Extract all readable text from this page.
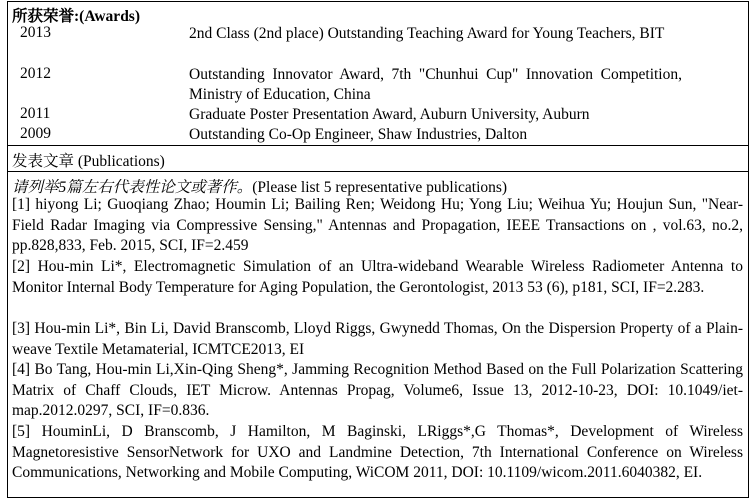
所获荣誉:(Awards)
2013	2nd Class (2nd place) Outstanding Teaching Award for Young Teachers, BIT
2012	Outstanding Innovator Award, 7th "Chunhui Cup" Innovation Competition, Ministry of Education, China
2011	Graduate Poster Presentation Award, Auburn University, Auburn
2009	Outstanding Co-Op Engineer, Shaw Industries, Dalton
发表文章 (Publications)
请列举5篇左右代表性论文或著作。(Please list 5 representative publications)
[1] hiyong Li; Guoqiang Zhao; Houmin Li; Bailing Ren; Weidong Hu; Yong Liu; Weihua Yu; Houjun Sun, "Near-Field Radar Imaging via Compressive Sensing," Antennas and Propagation, IEEE Transactions on , vol.63, no.2, pp.828,833, Feb. 2015, SCI, IF=2.459
[2] Hou-min Li*, Electromagnetic Simulation of an Ultra-wideband Wearable Wireless Radiometer Antenna to Monitor Internal Body Temperature for Aging Population, the Gerontologist, 2013 53 (6), p181, SCI, IF=2.283.
[3] Hou-min Li*, Bin Li, David Branscomb, Lloyd Riggs, Gwynedd Thomas, On the Dispersion Property of a Plain-weave Textile Metamaterial, ICMTCE2013, EI
[4] Bo Tang, Hou-min Li,Xin-Qing Sheng*, Jamming Recognition Method Based on the Full Polarization Scattering Matrix of Chaff Clouds, IET Microw. Antennas Propag, Volume6, Issue 13, 2012-10-23, DOI: 10.1049/iet-map.2012.0297, SCI, IF=0.836.
[5] HouminLi, D Branscomb, J Hamilton, M Baginski, LRiggs*,G Thomas*, Development of Wireless Magnetoresistive SensorNetwork for UXO and Landmine Detection, 7th International Conference on Wireless Communications, Networking and Mobile Computing, WiCOM 2011, DOI: 10.1109/wicom.2011.6040382, EI.
